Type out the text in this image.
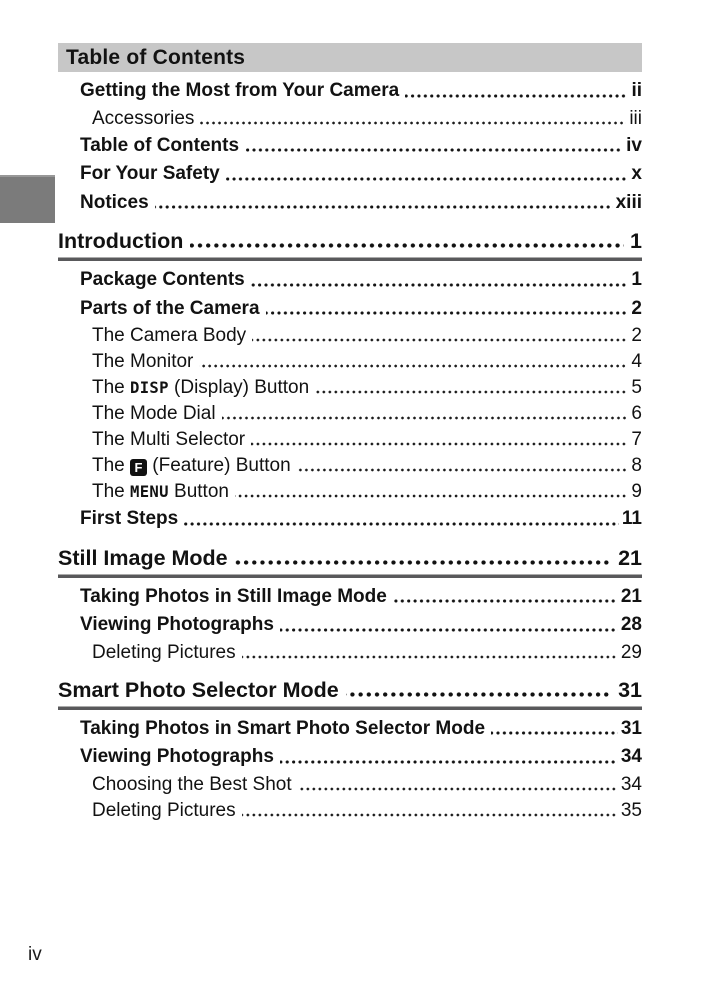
Table of Contents
Getting the Most from Your Camera	ii
Accessories	iii
Table of Contents	iv
For Your Safety	x
Notices	xiii
Introduction	1
Package Contents	1
Parts of the Camera	2
The Camera Body	2
The Monitor	4
The DISP (Display) Button	5
The Mode Dial	6
The Multi Selector	7
The F (Feature) Button	8
The MENU Button	9
First Steps	11
Still Image Mode	21
Taking Photos in Still Image Mode	21
Viewing Photographs	28
Deleting Pictures	29
Smart Photo Selector Mode	31
Taking Photos in Smart Photo Selector Mode	31
Viewing Photographs	34
Choosing the Best Shot	34
Deleting Pictures	35
iv
